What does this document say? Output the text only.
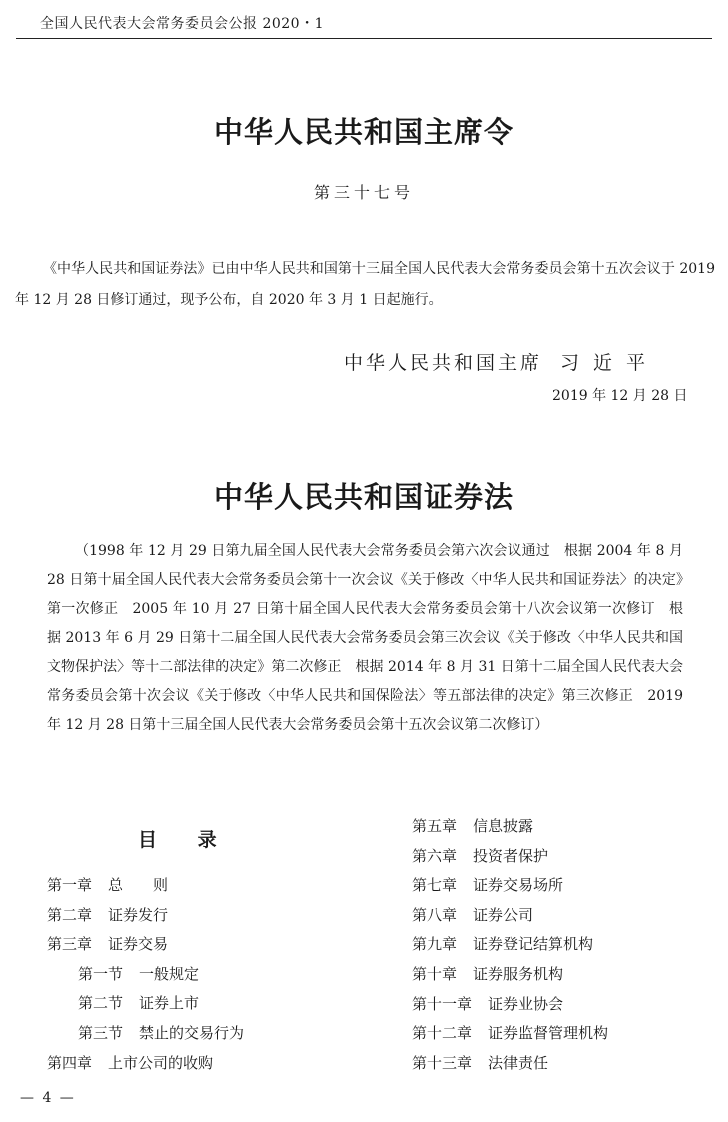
全国人民代表大会常务委员会公报 2020・1
中华人民共和国主席令
第三十七号
《中华人民共和国证券法》已由中华人民共和国第十三届全国人民代表大会常务委员会第十五次会议于 2019 年 12 月 28 日修订通过，现予公布，自 2020 年 3 月 1 日起施行。
中华人民共和国主席 习近平
2019 年 12 月 28 日
中华人民共和国证券法
（1998 年 12 月 29 日第九届全国人民代表大会常务委员会第六次会议通过　根据 2004 年 8 月 28 日第十届全国人民代表大会常务委员会第十一次会议《关于修改〈中华人民共和国证券法〉的决定》第一次修正　2005 年 10 月 27 日第十届全国人民代表大会常务委员会第十八次会议第一次修订　根据 2013 年 6 月 29 日第十二届全国人民代表大会常务委员会第三次会议《关于修改〈中华人民共和国文物保护法〉等十二部法律的决定》第二次修正　根据 2014 年 8 月 31 日第十二届全国人民代表大会常务委员会第十次会议《关于修改〈中华人民共和国保险法〉等五部法律的决定》第三次修正　2019 年 12 月 28 日第十三届全国人民代表大会常务委员会第十五次会议第二次修订）
目 录
第一章 总　　则
第二章 证券发行
第三章 证券交易
第一节 一般规定
第二节 证券上市
第三节 禁止的交易行为
第四章 上市公司的收购
第五章 信息披露
第六章 投资者保护
第七章 证券交易场所
第八章 证券公司
第九章 证券登记结算机构
第十章 证券服务机构
第十一章 证券业协会
第十二章 证券监督管理机构
第十三章 法律责任
— 4 —
